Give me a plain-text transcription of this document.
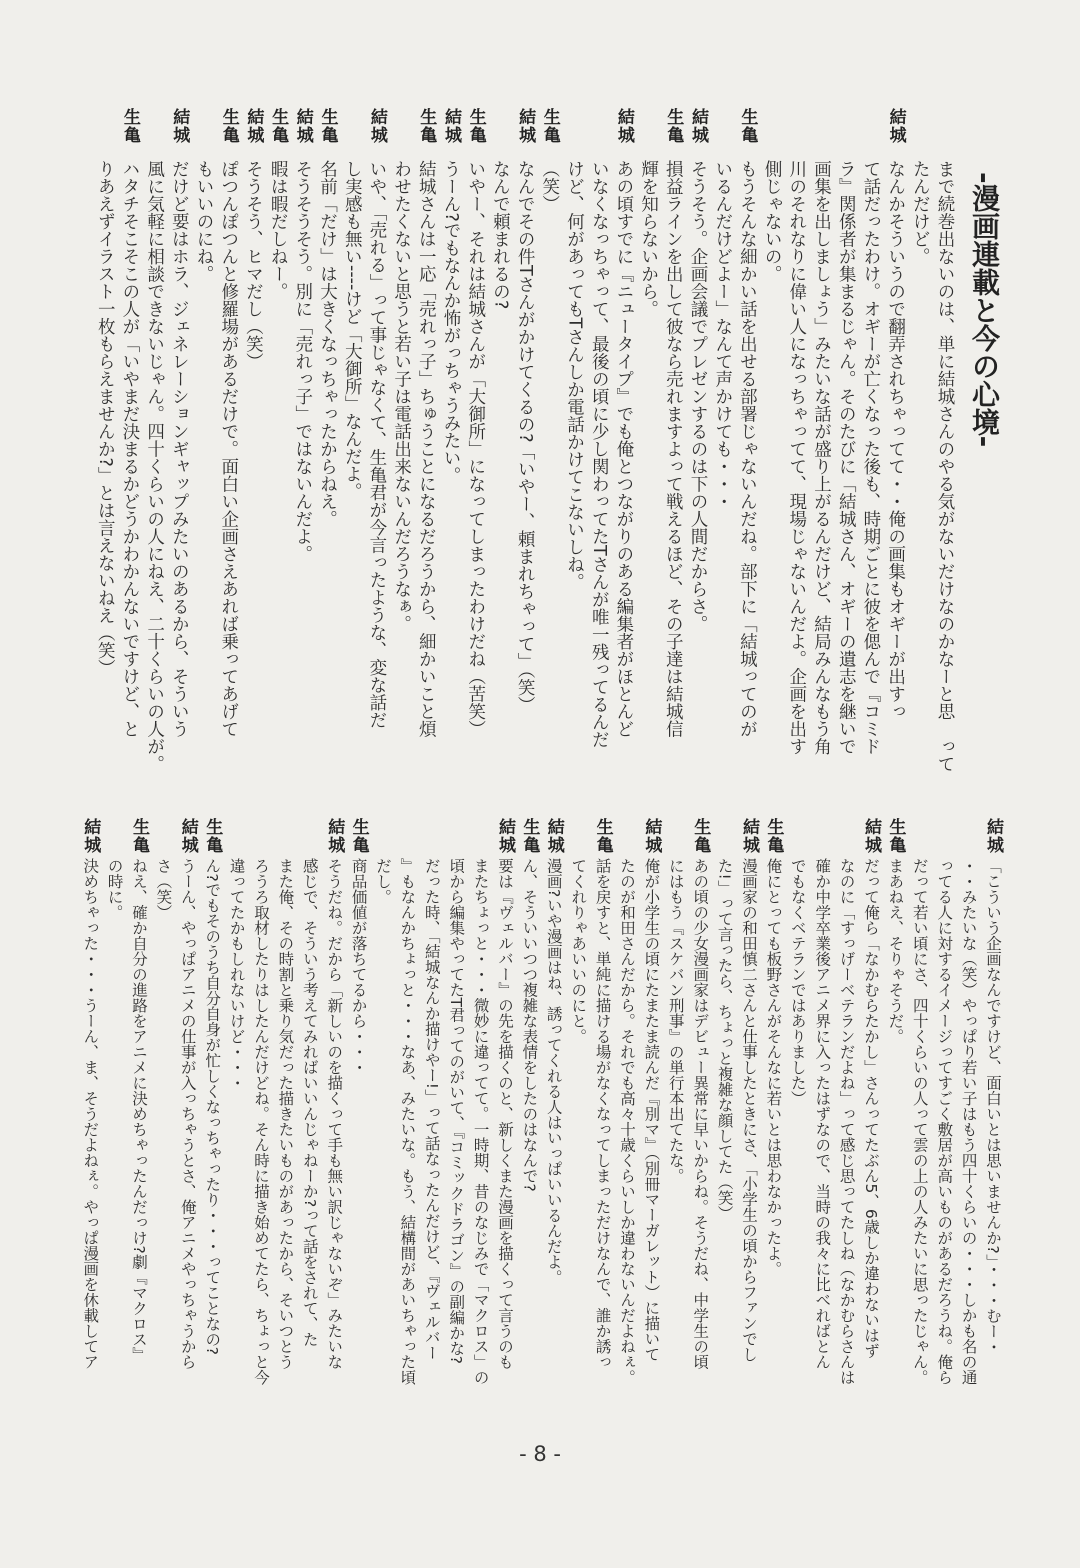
-漫画連載と今の心境-
まで続巻出ないのは、単に結城さんのやる気がないだけなのかなーと思　って
たんだけど。
結城
なんかそういうので翻弄されちゃってて・・俺の画集もオギーが出すっ
て話だったわけ。オギーが亡くなった後も、時期ごとに彼を偲んで『コミド
ラ』関係者が集まるじゃん。そのたびに「結城さん、オギーの遺志を継いで
画集を出しましょう」みたいな話が盛り上がるんだけど、結局みんなもう角
川のそれなりに偉い人になっちゃってて、現場じゃないんだよ。企画を出す
側じゃないの。
生亀
もうそんな細かい話を出せる部署じゃないんだね。部下に「結城ってのが
いるんだけどよー」なんて声かけても・・・
結城
そうそう。企画会議でプレゼンするのは下の人間だからさ。
生亀
損益ラインを出して彼なら売れますよって戦えるほど、その子達は結城信
輝を知らないから。
結城
あの頃すでに『ニュータイプ』でも俺とつながりのある編集者がほとんど
いなくなっちゃって、最後の頃に少し関わってたTさんが唯一残ってるんだ
けど、何があってもTさんしか電話かけてこないしね。
生亀
（笑）
結城
なんでその件Tさんがかけてくるの?「いやー、頼まれちゃって」（笑）
なんで頼まれるの?
生亀
いやー、それは結城さんが「大御所」になってしまったわけだね（苦笑）
結城
うーん?でもなんか怖がっちゃうみたい。
生亀
結城さんは一応「売れっ子」ちゅうことになるだろうから、細かいこと煩
わせたくないと思うと若い子は電話出来ないんだろうなぁ。
結城
いや、「売れる」って事じゃなくて、生亀君が今言ったような、変な話だ
し実感も無い----けど「大御所」なんだよ。
生亀
名前「だけ」は大きくなっちゃったからねえ。
結城
そうそうそう。別に「売れっ子」ではないんだよ。
生亀
暇は暇だしねー。
結城
そうそう、ヒマだし（笑）
生亀
ぽつんぽつんと修羅場があるだけで。面白い企画さえあれば乗ってあげて
もいいのにね。
結城
だけど要はホラ、ジェネレーションギャップみたいのあるから、そういう
風に気軽に相談できないじゃん。四十くらいの人にねえ、二十くらいの人が。
生亀
ハタチそこそこの人が「いやまだ決まるかどうかわかんないですけど、と
りあえずイラスト一枚もらえませんか?」とは言えないねえ（笑）
結城
「こういう企画なんですけど、面白いとは思いませんか?」・・・むー・
・・みたいな（笑）やっぱり若い子はもう四十くらいの・・・しかも名の通
ってる人に対するイメージってすごく敷居が高いものがあるだろうね。俺ら
だって若い頃にさ、四十くらいの人って雲の上の人みたいに思ったじゃん。
生亀
まあねえ、そりゃそうだ。
結城
だって俺ら「なかむらたかし」さんってたぶん5、6歳しか違わないはず
なのに「すっげーベテランだよね」って感じ思ってたしね（なかむらさんは
確か中学卒業後アニメ界に入ったはずなので、当時の我々に比べればとん
でもなくベテランではありました）
生亀
俺にとっても板野さんがそんなに若いとは思わなかったよ。
結城
漫画家の和田慎二さんと仕事したときにさ、「小学生の頃からファンでし
た!」って言ったら、ちょっと複雑な顔してた（笑）
生亀
あの頃の少女漫画家はデビュー異常に早いからね。そうだね、中学生の頃
にはもう『スケバン刑事』の単行本出てたな。
結城
俺が小学生の頃にたまたま読んだ『別マ』（別冊マーガレット）に描いて
たのが和田さんだから。それでも高々十歳くらいしか違わないんだよねぇ。
生亀
話を戻すと、単純に描ける場がなくなってしまっただけなんで、誰か誘っ
てくれりゃあいいのにと。
結城
漫画?いや漫画はね、誘ってくれる人はいっぱいいるんだよ。
生亀
ん、そういいつつ複雑な表情をしたのはなんで?
結城
要は『ヴェルバー』の先を描くのと、新しくまた漫画を描くって言うのも
またちょっと・・・微妙に違ってて。一時期、昔のなじみで「マクロス」の
頃から編集やってたT君ってのがいて、『コミックドラゴン』の副編かな?
だった時、「結城なんか描けやー!」って話なったんだけど、『ヴェルバー
』もなんかちょっと・・・なあ、みたいな。もう、結構間があいちゃった頃
だし。
生亀
商品価値が落ちてるから・・・
結城
そうだね。だから「新しいのを描くって手も無い訳じゃないぞ」みたいな
感じで、そういう考えてみればいいんじゃねーか?って話をされて、た
また俺、その時割と乗り気だった描きたいものがあったから、そいつとう
ろうろ取材したりはしたんだけどね。そん時に描き始めてたら、ちょっと今
違ってたかもしれないけど・・・
生亀
ん?でもそのうち自分自身が忙しくなっちゃったり・・・ってことなの?
結城
うーん、やっぱアニメの仕事が入っちゃうとさ、俺アニメやっちゃうから
さ（笑）
生亀
ねえ、確か自分の進路をアニメに決めちゃったんだっけ?劇『マクロス』
の時に。
結城
決めちゃった・・・うーん、ま、そうだよねぇ。やっぱ漫画を休載してア
- 8 -
